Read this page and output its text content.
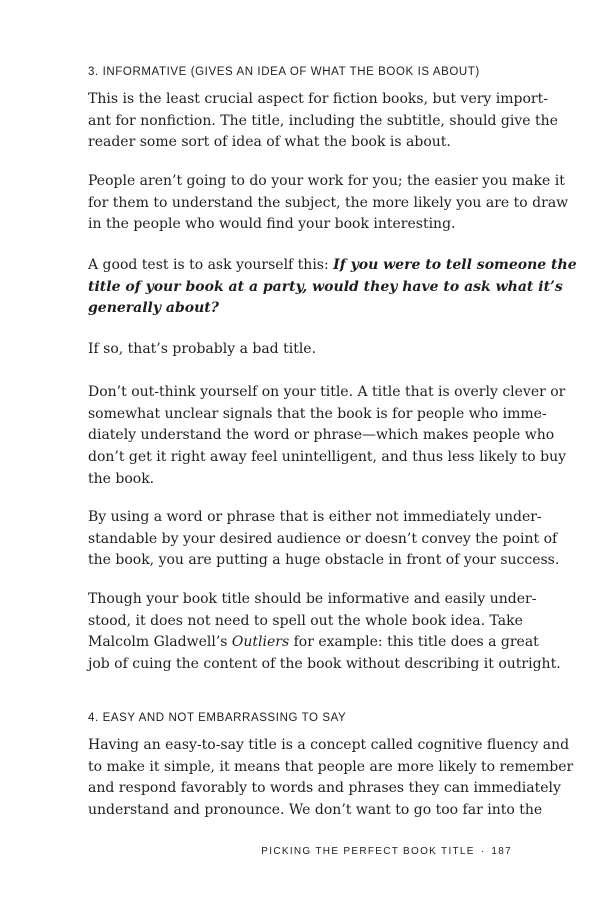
3. INFORMATIVE (GIVES AN IDEA OF WHAT THE BOOK IS ABOUT)

This is the least crucial aspect for fiction books, but very import-
ant for nonfiction. The title, including the subtitle, should give the
reader some sort of idea of what the book is about.

People aren’t going to do your work for you; the easier you make it
for them to understand the subject, the more likely you are to draw
in the people who would find your book interesting.

A good test is to ask yourself this: If you were to tell someone the
title of your book at a party, would they have to ask what it’s
generally about?

If so, that’s probably a bad title.

Don’t out-think yourself on your title. A title that is overly clever or
somewhat unclear signals that the book is for people who imme-
diately understand the word or phrase—which makes people who
don’t get it right away feel unintelligent, and thus less likely to buy
the book.

By using a word or phrase that is either not immediately under-
standable by your desired audience or doesn’t convey the point of
the book, you are putting a huge obstacle in front of your success.

Though your book title should be informative and easily under-
stood, it does not need to spell out the whole book idea. Take
Malcolm Gladwell’s Outliers for example: this title does a great
job of cuing the content of the book without describing it outright.

4. EASY AND NOT EMBARRASSING TO SAY

Having an easy-to-say title is a concept called cognitive fluency and
to make it simple, it means that people are more likely to remember
and respond favorably to words and phrases they can immediately
understand and pronounce. We don’t want to go too far into the

PICKING THE PERFECT BOOK TITLE · 187
